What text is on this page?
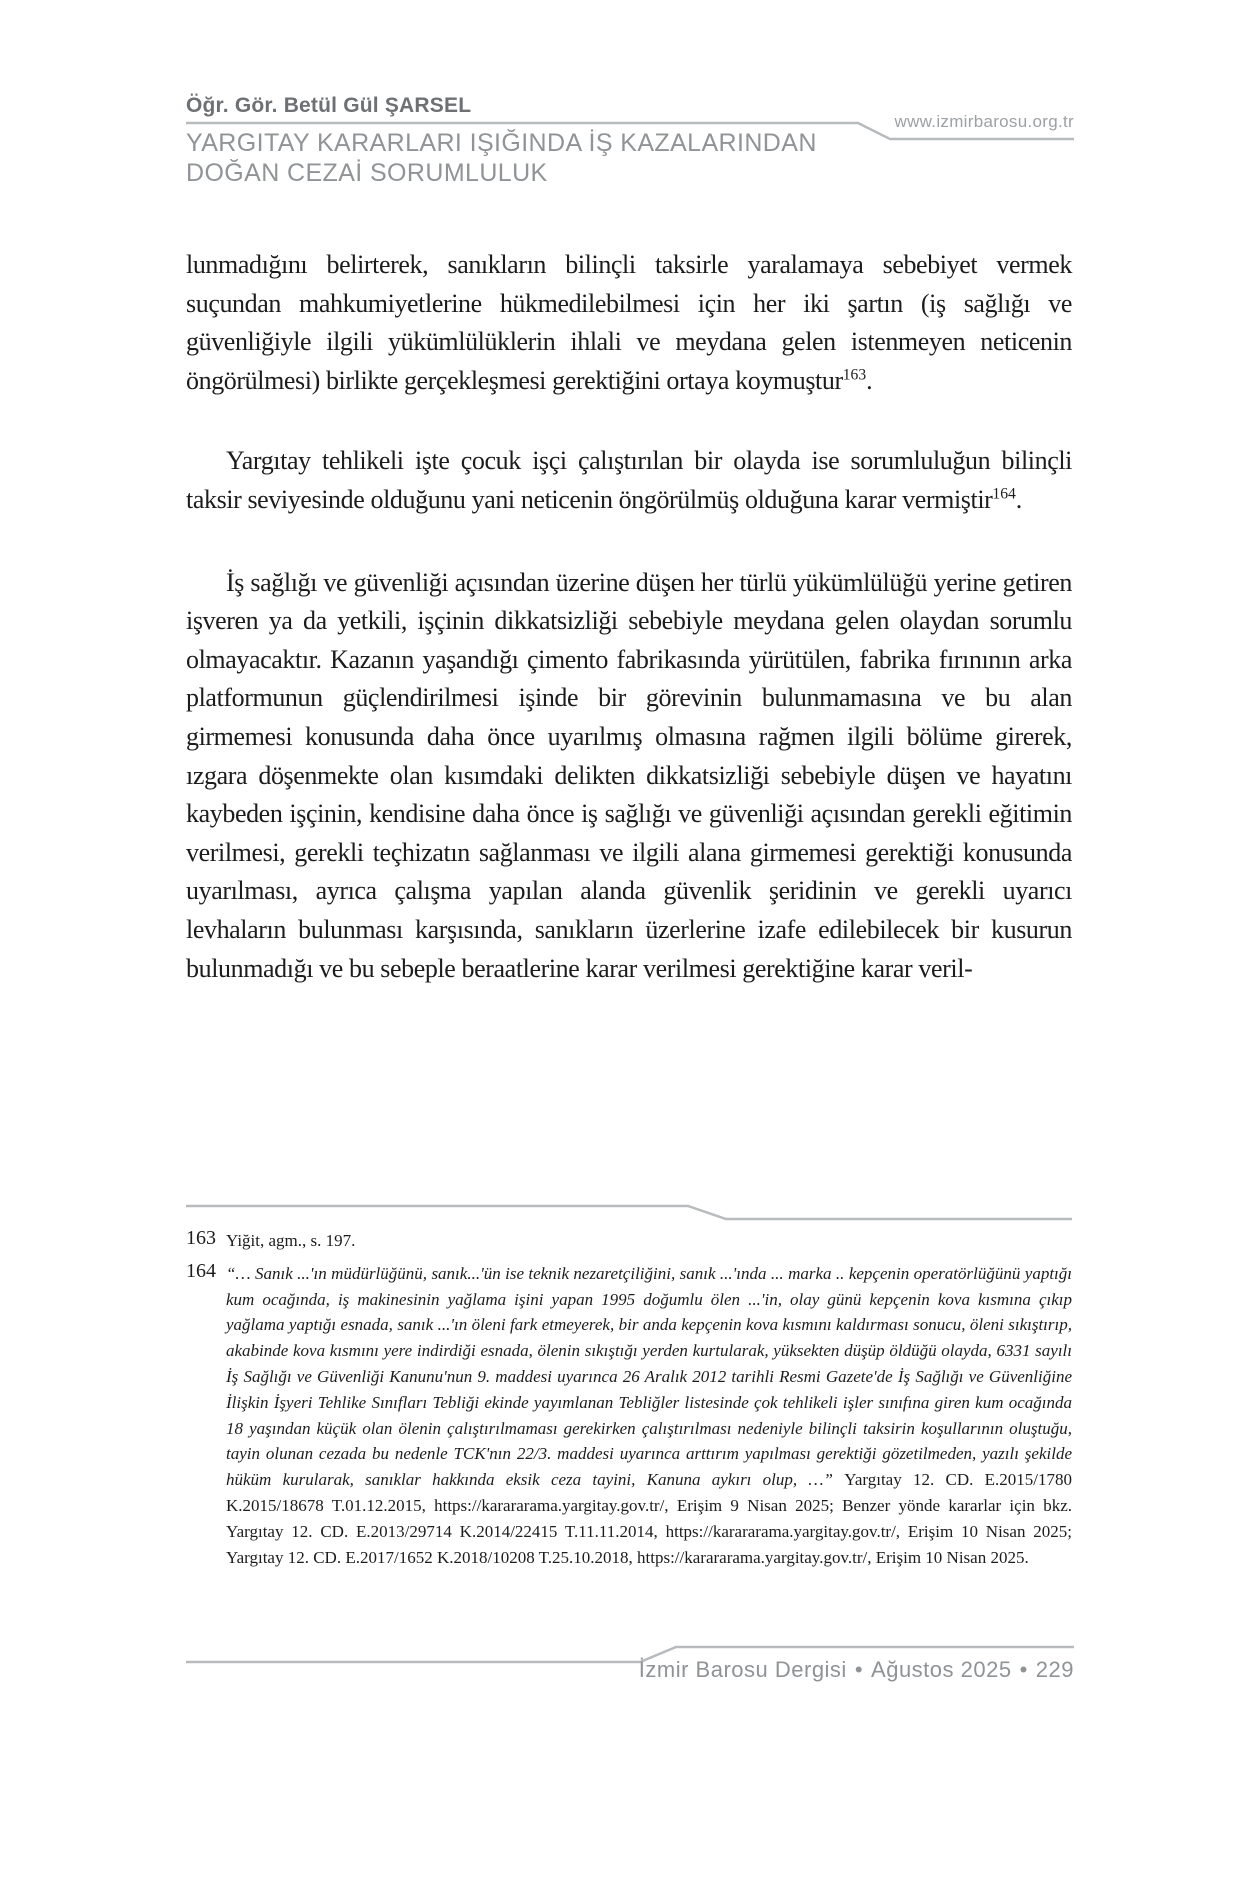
Öğr. Gör. Betül Gül ŞARSEL
YARGITAY KARARLARI IŞIĞINDA İŞ KAZALARINDAN DOĞAN CEZAİ SORUMLULUK
www.izmirbarosu.org.tr

lunmadığını belirterek, sanıkların bilinçli taksirle yaralamaya sebebiyet vermek suçundan mahkumiyetlerine hükmedilebilmesi için her iki şartın (iş sağlığı ve güvenliğiyle ilgili yükümlülüklerin ihlali ve meydana gelen istenmeyen neticenin öngörülmesi) birlikte gerçekleşmesi gerektiğini ortaya koymuştur$^{163}$.

Yargıtay tehlikeli işte çocuk işçi çalıştırılan bir olayda ise sorumluluğun bilinçli taksir seviyesinde olduğunu yani neticenin öngörülmüş olduğuna karar vermiştir$^{164}$.

İş sağlığı ve güvenliği açısından üzerine düşen her türlü yükümlülüğü yerine getiren işveren ya da yetkili, işçinin dikkatsizliği sebebiyle meydana gelen olaydan sorumlu olmayacaktır. Kazanın yaşandığı çimento fabrikasında yürütülen, fabrika fırınının arka platformunun güçlendirilmesi işinde bir görevinin bulunmamasına ve bu alan girmemesi konusunda daha önce uyarılmış olmasına rağmen ilgili bölüme girerek, ızgara döşenmekte olan kısımdaki delikten dikkatsizliği sebebiyle düşen ve hayatını kaybeden işçinin, kendisine daha önce iş sağlığı ve güvenliği açısından gerekli eğitimin verilmesi, gerekli teçhizatın sağlanması ve ilgili alana girmemesi gerektiği konusunda uyarılması, ayrıca çalışma yapılan alanda güvenlik şeridinin ve gerekli uyarıcı levhaların bulunması karşısında, sanıkların üzerlerine izafe edilebilecek bir kusurun bulunmadığı ve bu sebeple beraatlerine karar verilmesi gerektiğine karar veril-

163 Yiğit, agm., s. 197.
164 “… Sanık ...'ın müdürlüğünü, sanık...'ün ise teknik nezaretçiliğini, sanık ...'ında ... marka .. kepçenin operatörlüğünü yaptığı kum ocağında, iş makinesinin yağlama işini yapan 1995 doğumlu ölen ...'in, olay günü kepçenin kova kısmına çıkıp yağlama yaptığı esnada, sanık ...'ın öleni fark etmeyerek, bir anda kepçenin kova kısmını kaldırması sonucu, öleni sıkıştırıp, akabinde kova kısmını yere indirdiği esnada, ölenin sıkıştığı yerden kurtularak, yüksekten düşüp öldüğü olayda, 6331 sayılı İş Sağlığı ve Güvenliği Kanunu'nun 9. maddesi uyarınca 26 Aralık 2012 tarihli Resmi Gazete'de İş Sağlığı ve Güvenliğine İlişkin İşyeri Tehlike Sınıfları Tebliği ekinde yayımlanan Tebliğler listesinde çok tehlikeli işler sınıfına giren kum ocağında 18 yaşından küçük olan ölenin çalıştırılmaması gerekirken çalıştırılması nedeniyle bilinçli taksirin koşullarının oluştuğu, tayin olunan cezada bu nedenle TCK'nın 22/3. maddesi uyarınca arttırım yapılması gerektiği gözetilmeden, yazılı şekilde hüküm kurularak, sanıklar hakkında eksik ceza tayini, Kanuna aykırı olup, …” Yargıtay 12. CD. E.2015/1780 K.2015/18678 T.01.12.2015, https://karararama.yargitay.gov.tr/, Erişim 9 Nisan 2025; Benzer yönde kararlar için bkz. Yargıtay 12. CD. E.2013/29714 K.2014/22415 T.11.11.2014, https://karararama.yargitay.gov.tr/, Erişim 10 Nisan 2025; Yargıtay 12. CD. E.2017/1652 K.2018/10208 T.25.10.2018, https://karararama.yargitay.gov.tr/, Erişim 10 Nisan 2025.
İzmir Barosu Dergisi • Ağustos 2025 • 229
